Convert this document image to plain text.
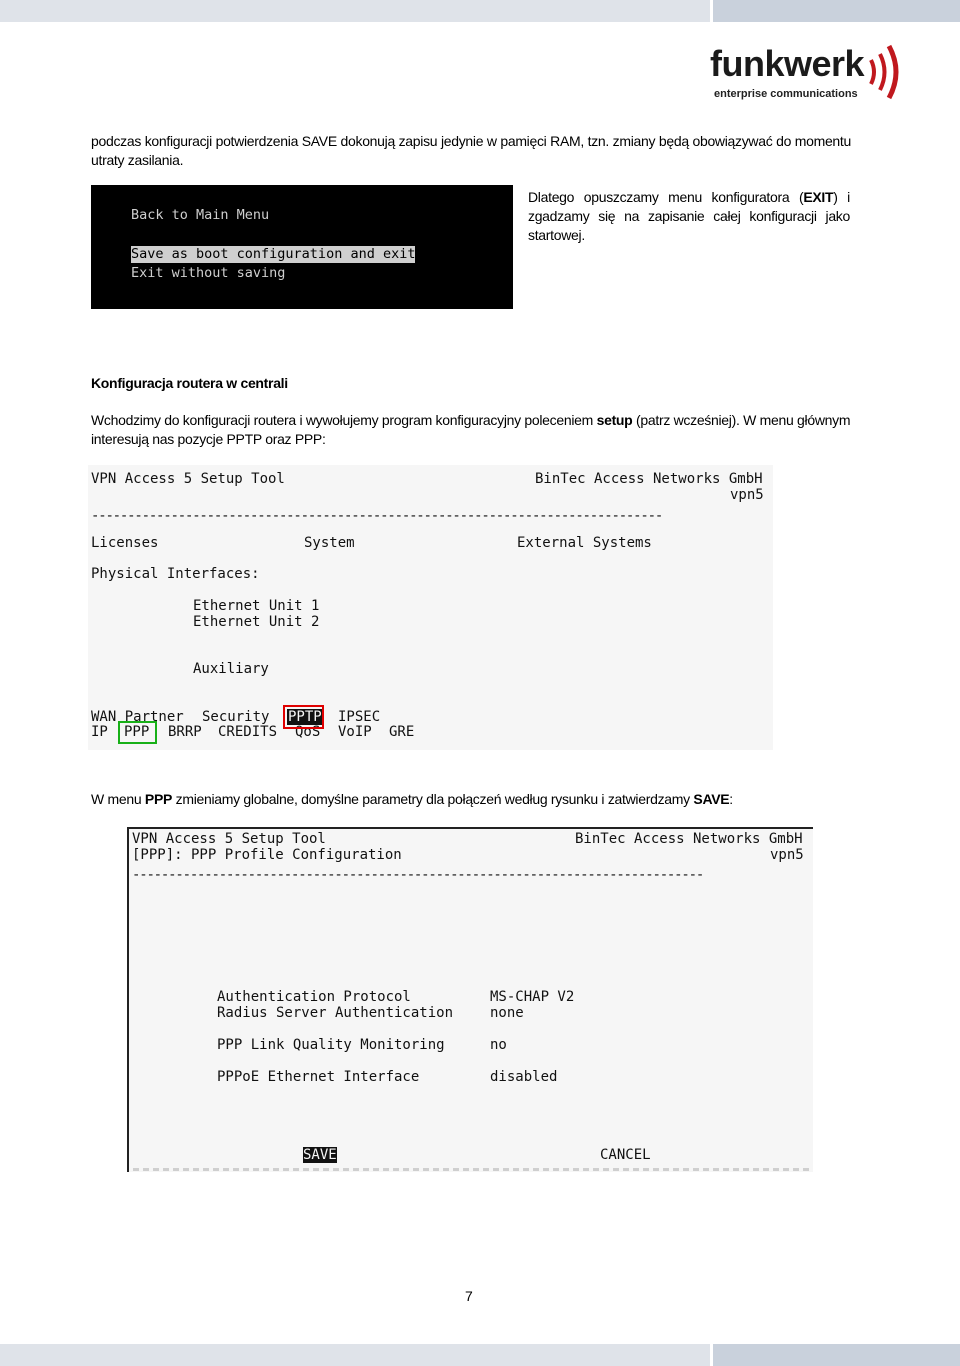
funkwerk
enterprise communications
podczas konfiguracji potwierdzenia SAVE dokonują zapisu jedynie w pamięci RAM, tzn. zmiany będą obowiązywać do momentu utraty zasilania.
Back to Main Menu
Save as boot configuration and exit
Exit without saving
Dlatego opuszczamy menu konfiguratora (EXIT) i zgadzamy się na zapisanie całej konfiguracji jako startowej.
Konfiguracja routera w centrali
Wchodzimy do konfiguracji routera i wywołujemy program konfiguracyjny poleceniem setup (patrz wcześniej). W menu głównym interesują nas pozycje PPTP oraz PPP:
VPN Access 5 Setup Tool	BinTec Access Networks GmbH
vpn5
-------------------------------------------------------------------------------
Licenses	System	External Systems
Physical Interfaces:
Ethernet Unit 1
Ethernet Unit 2
Auxiliary
WAN Partner Security PPTP IPSEC
IP PPP BRRP CREDITS QoS VoIP GRE
W menu PPP zmieniamy globalne, domyślne parametry dla połączeń według rysunku i zatwierdzamy SAVE:
VPN Access 5 Setup Tool	BinTec Access Networks GmbH
[PPP]: PPP Profile Configuration	vpn5
-------------------------------------------------------------------------------
Authentication Protocol	MS-CHAP V2
Radius Server Authentication	none
PPP Link Quality Monitoring	no
PPPoE Ethernet Interface	disabled
SAVE	CANCEL
7
